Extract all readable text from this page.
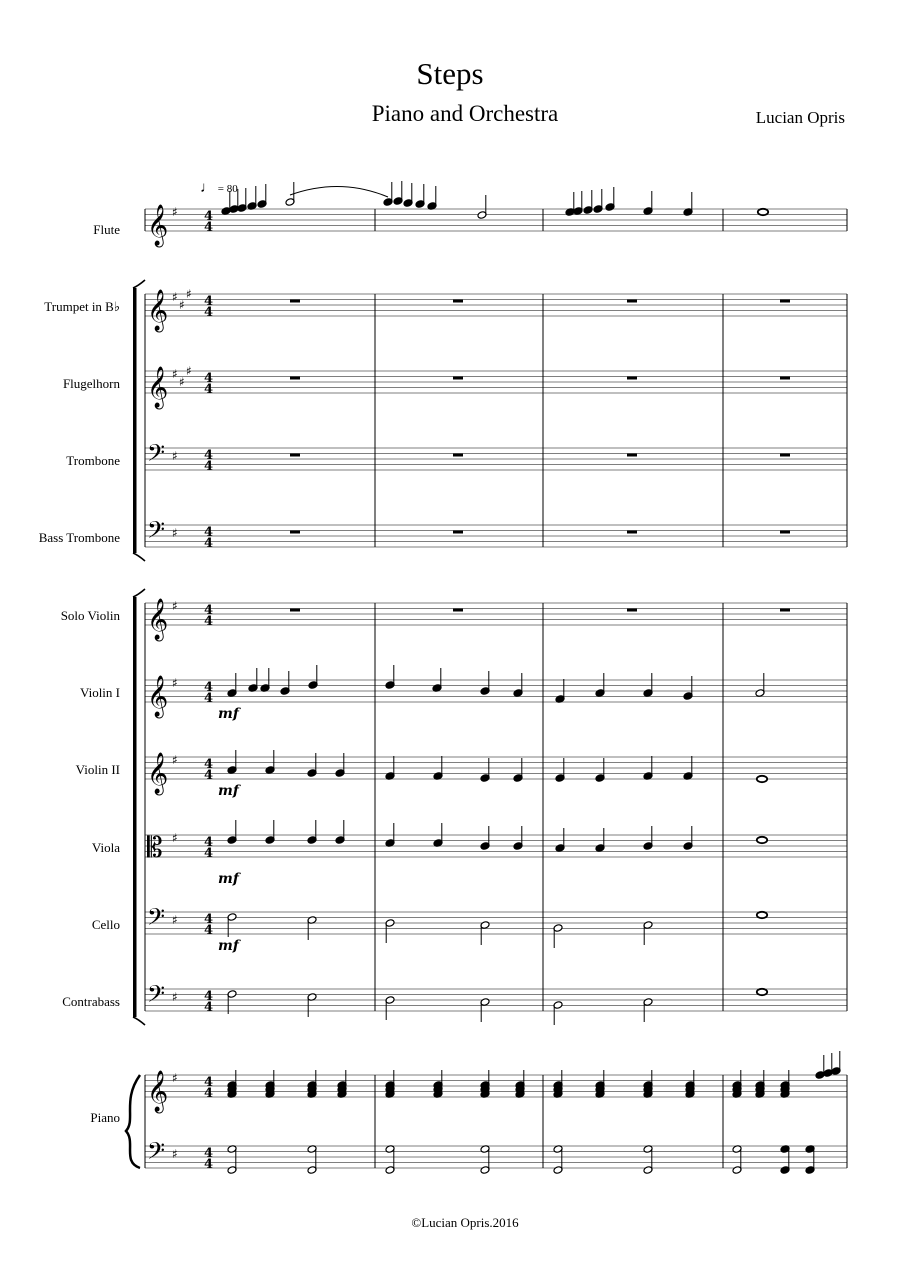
Steps
Piano and Orchestra	Lucian Opris
♩ = 80
Flute
Trumpet in B♭
Flugelhorn
Trombone
Bass Trombone
Solo Violin
Violin I
Violin II
Viola
Cello
Contrabass
Piano
𝄞 ♯
𝄞 ♯
♯
♯
𝄞 ♯
♯
♯
𝄢 ♯
𝄢 ♯
𝄞 ♯
𝄞 ♯
𝄞 ♯
𝄡 ♯
𝄢 ♯
𝄢 ♯
𝄞 ♯
𝄢 ♯
4
4
4
4
4
4
4
4
4
4
4
4
4
4
4
4
4
4
4
4
4
4
4
4
4
4
mf
mf
mf
mf
©Lucian Opris.2016
